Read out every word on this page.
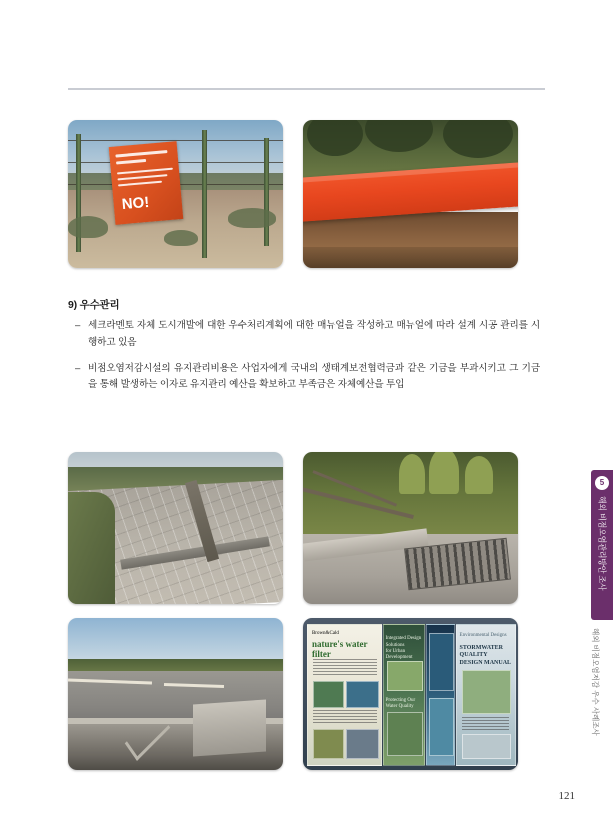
NO!
9) 우수관리
– 세크라멘토 자체 도시개발에 대한 우수처리계획에 대한 매뉴얼을 작성하고 매뉴얼에 따라 설계 시공 관리를 시행하고 있음
– 비점오염저감시설의 유지관리비용은 사업자에게 국내의 생태계보전협력금과 같은 기금을 부과시키고 그 기금을 통해 발생하는 이자로 유지관리 예산을 확보하고 부족금은 자체예산을 투입
Brown&Cald
nature's water filter
Integrated Design Solutions
for Urban Development
Protecting Our Water Quality
Environmental Designs
STORMWATER QUALITY DESIGN MANUAL
5
해외 비점오염관리방안 조사
해외 비점오염저감 우수 사례조사
121
